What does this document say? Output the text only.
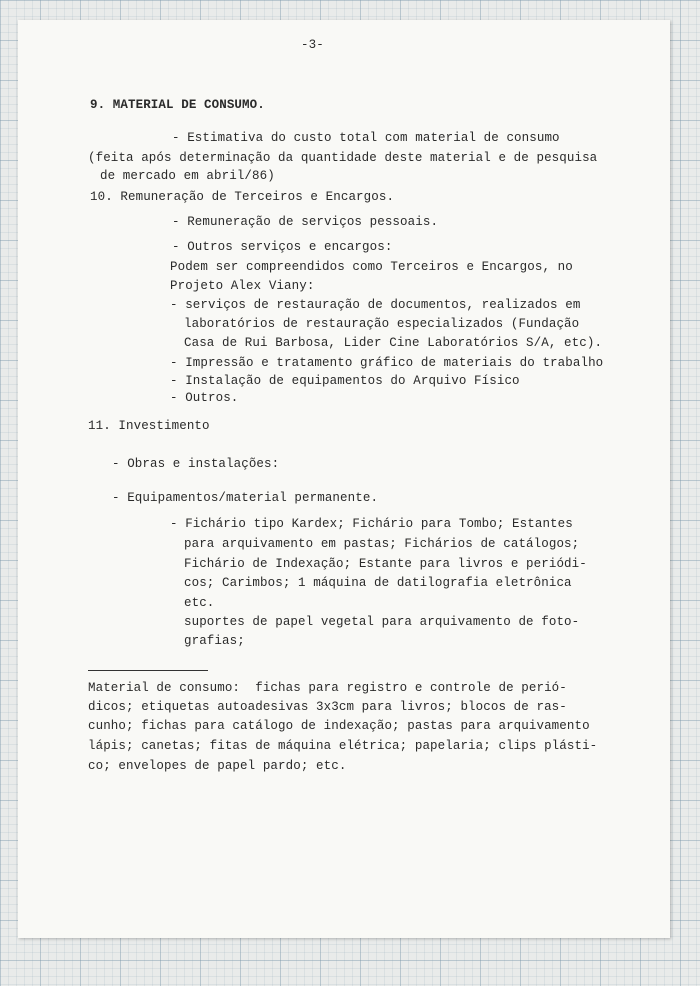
-3-

9. MATERIAL DE CONSUMO.

- Estimativa do custo total com material de consumo

(feita após determinação da quantidade deste material e de pesquisa

de mercado em abril/86)

10. Remuneração de Terceiros e Encargos.

- Remuneração de serviços pessoais.

- Outros serviços e encargos:

Podem ser compreendidos como Terceiros e Encargos, no

Projeto Alex Viany:

- serviços de restauração de documentos, realizados em

laboratórios de restauração especializados (Fundação

Casa de Rui Barbosa, Lider Cine Laboratórios S/A, etc).

- Impressão e tratamento gráfico de materiais do trabalho

- Instalação de equipamentos do Arquivo Físico

- Outros.

11. Investimento

- Obras e instalações:

- Equipamentos/material permanente.

- Fichário tipo Kardex; Fichário para Tombo; Estantes

para arquivamento em pastas; Fichários de catálogos;

Fichário de Indexação; Estante para livros e periódi-

cos; Carimbos; 1 máquina de datilografia eletrônica

etc.

suportes de papel vegetal para arquivamento de foto-

grafias;

Material de consumo:  fichas para registro e controle de perió-

dicos; etiquetas autoadesivas 3x3cm para livros; blocos de ras-

cunho; fichas para catálogo de indexação; pastas para arquivamento

lápis; canetas; fitas de máquina elétrica; papelaria; clips plásti-

co; envelopes de papel pardo; etc.
